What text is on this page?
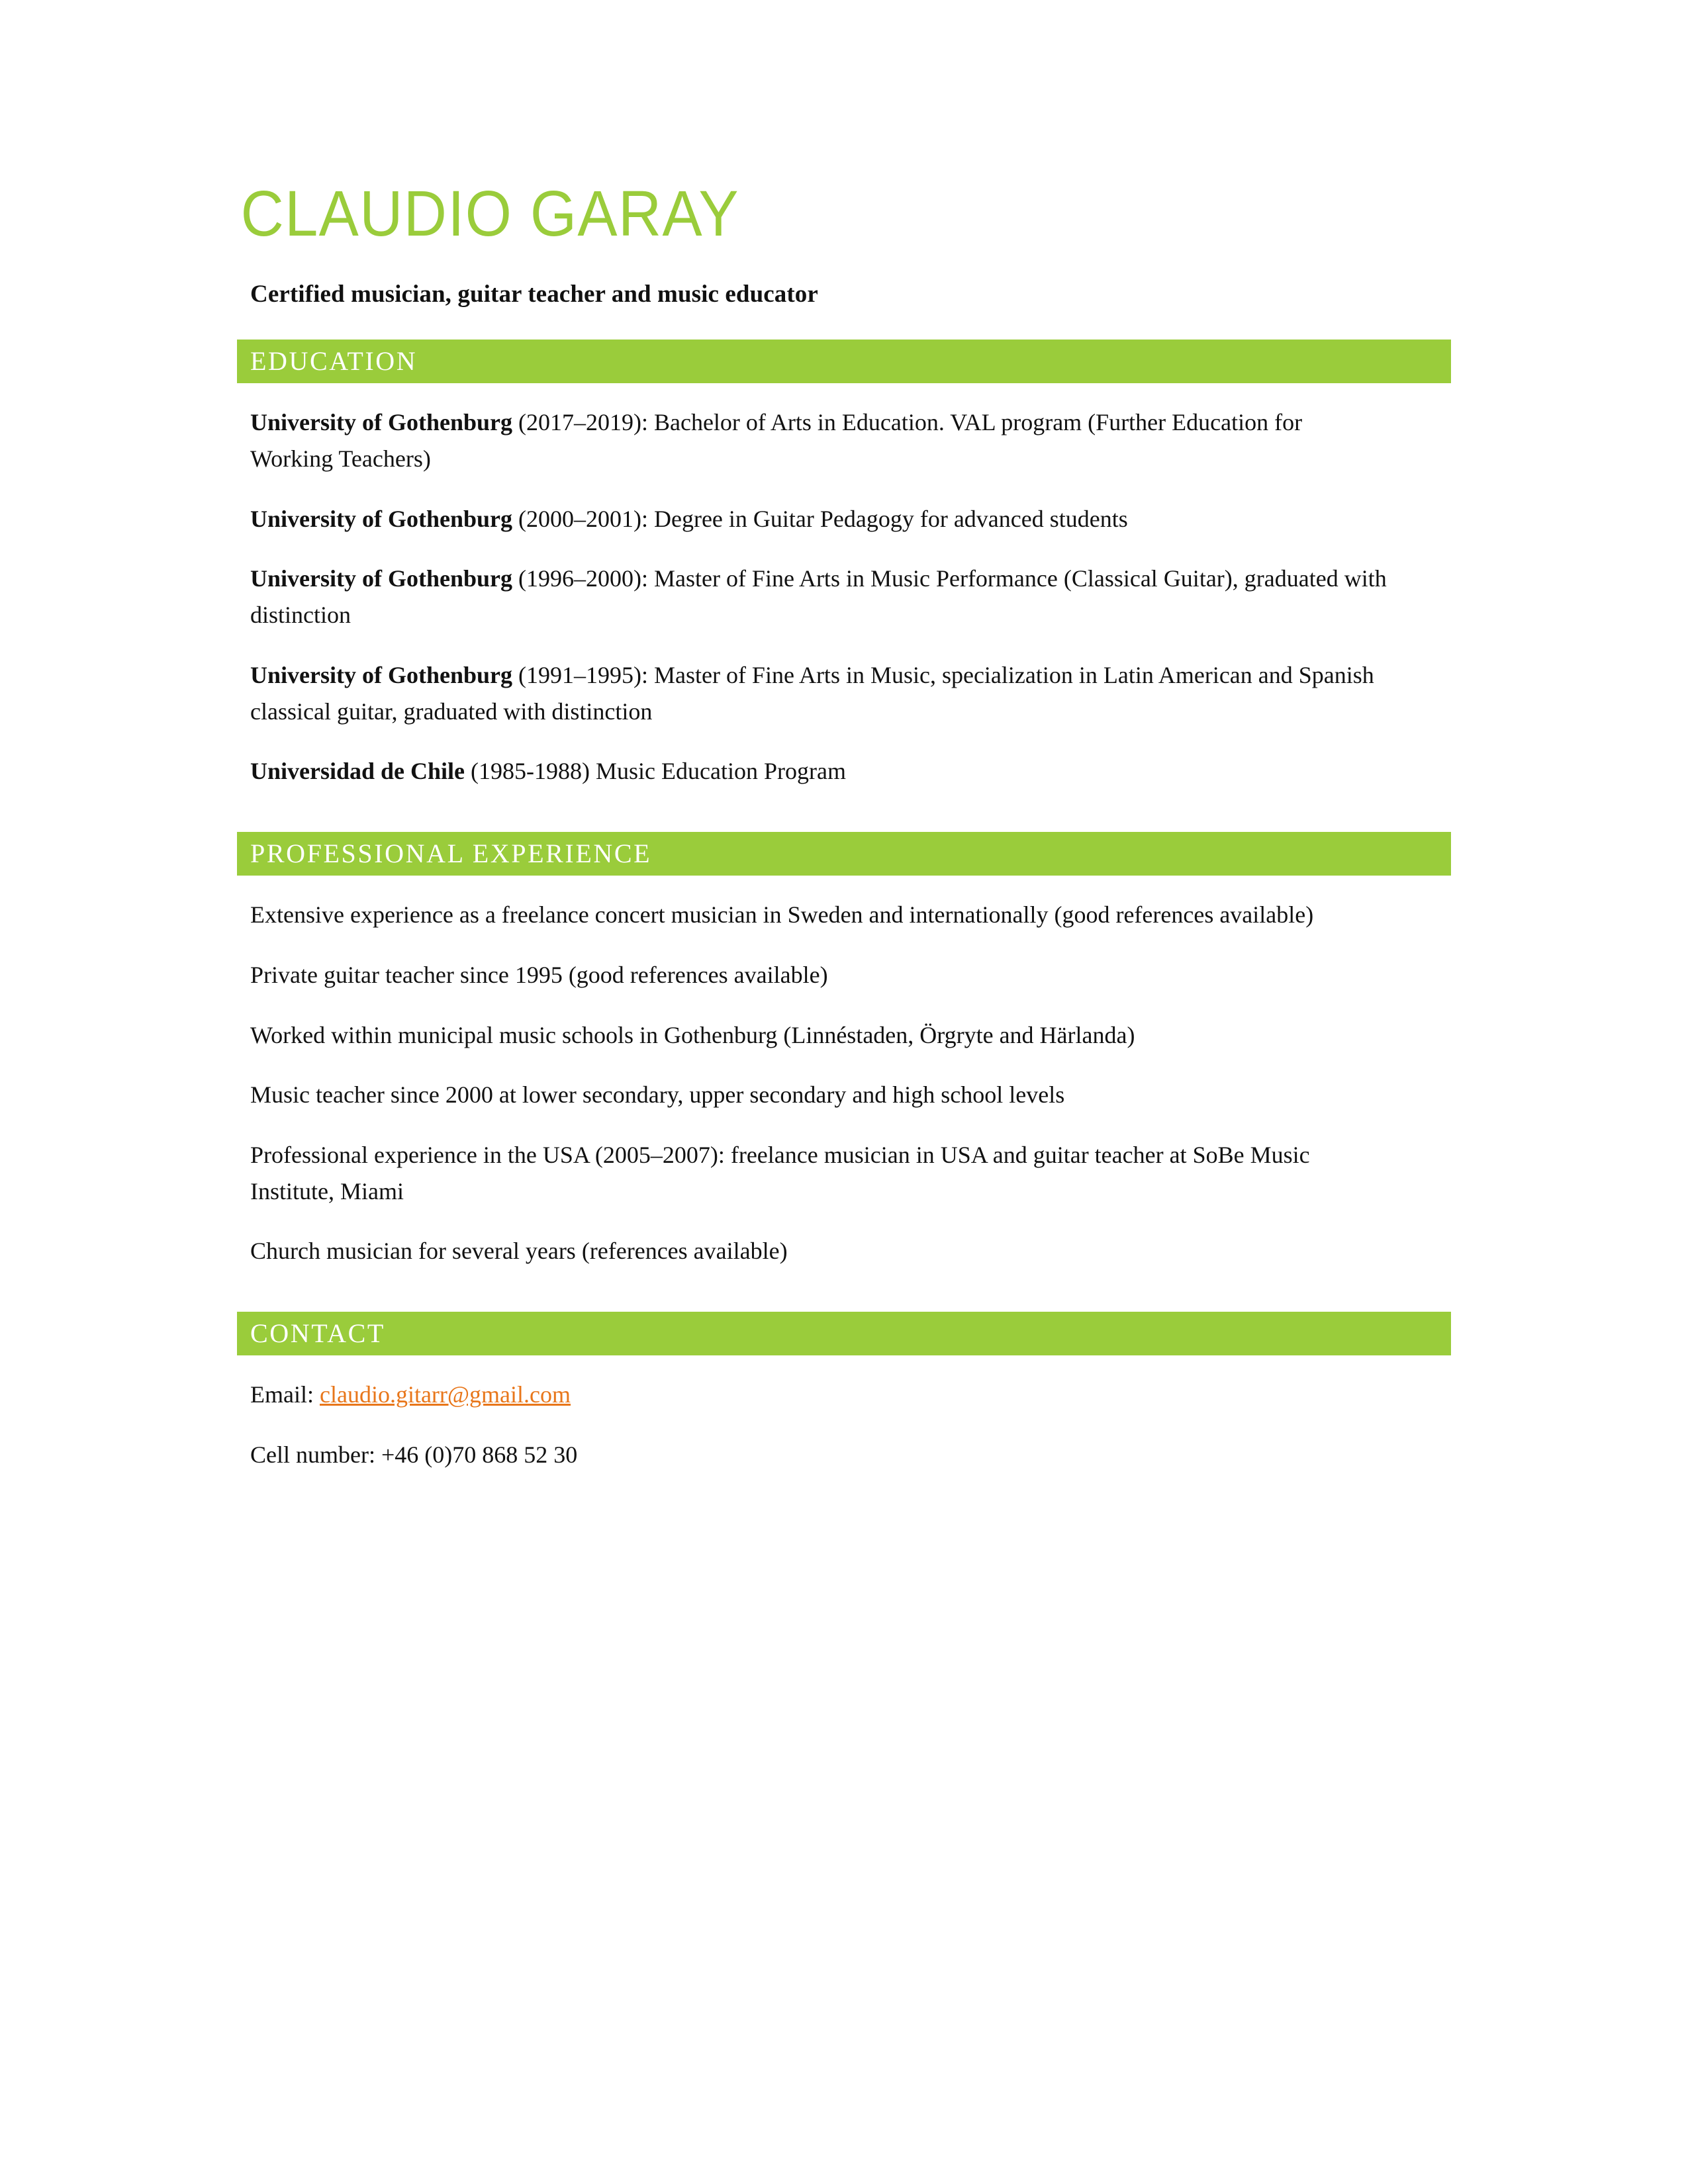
CLAUDIO GARAY

Certified musician, guitar teacher and music educator

EDUCATION

University of Gothenburg (2017–2019): Bachelor of Arts in Education. VAL program (Further Education for Working Teachers)

University of Gothenburg (2000–2001): Degree in Guitar Pedagogy for advanced students

University of Gothenburg (1996–2000): Master of Fine Arts in Music Performance (Classical Guitar), graduated with distinction

University of Gothenburg (1991–1995): Master of Fine Arts in Music, specialization in Latin American and Spanish classical guitar, graduated with distinction

Universidad de Chile (1985-1988) Music Education Program

PROFESSIONAL EXPERIENCE

Extensive experience as a freelance concert musician in Sweden and internationally (good references available)

Private guitar teacher since 1995 (good references available)

Worked within municipal music schools in Gothenburg (Linnéstaden, Örgryte and Härlanda)

Music teacher since 2000 at lower secondary, upper secondary and high school levels

Professional experience in the USA (2005–2007): freelance musician in USA and guitar teacher at SoBe Music Institute, Miami

Church musician for several years (references available)

CONTACT

Email: claudio.gitarr@gmail.com

Cell number: +46 (0)70 868 52 30
